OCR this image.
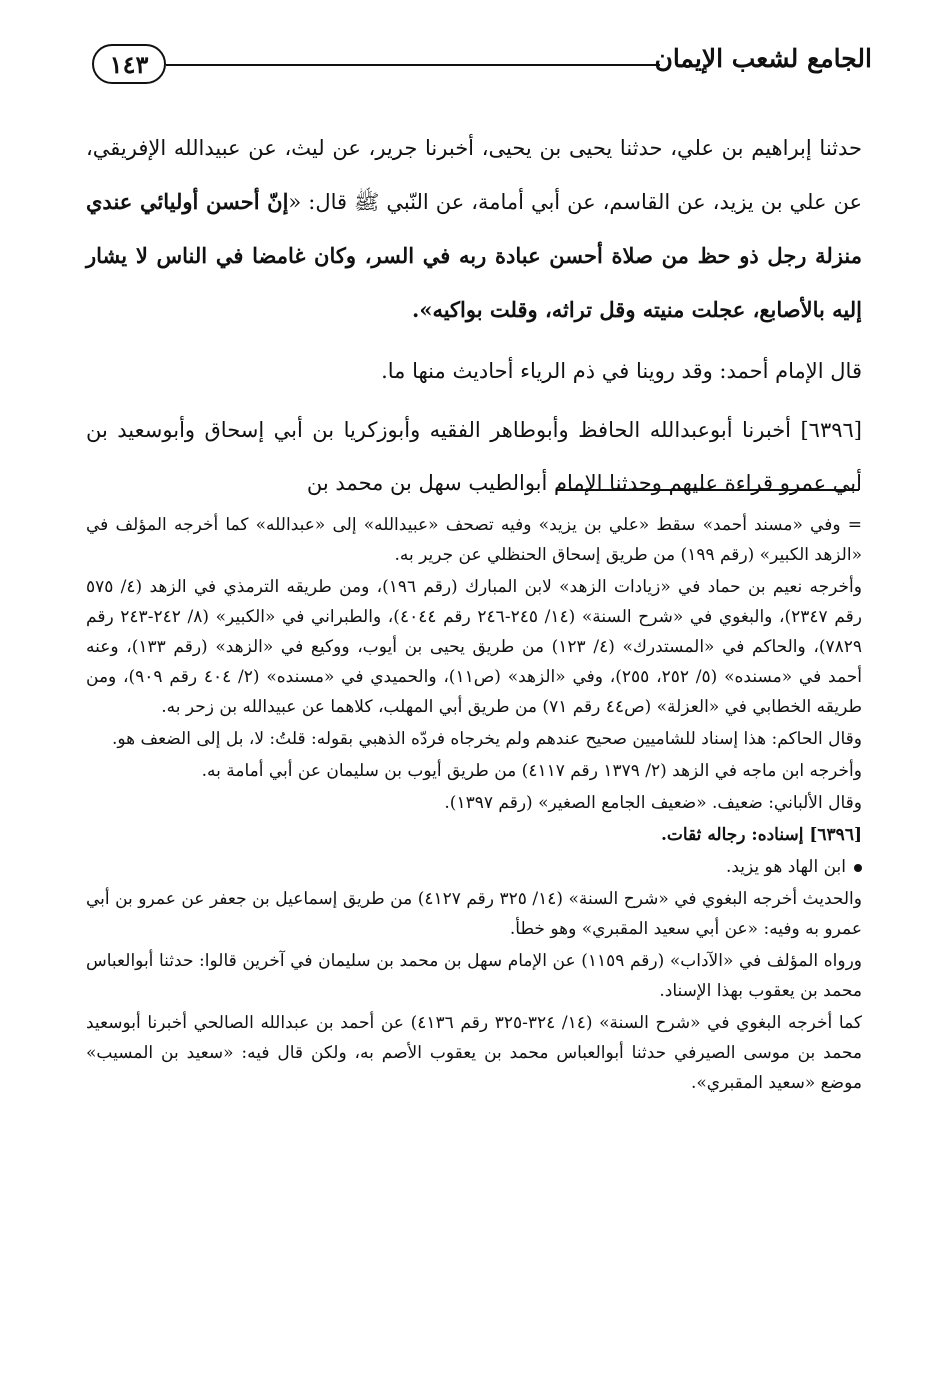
١٤٣	الجامع لشعب الإيمان

حدثنا إبراهيم بن علي، حدثنا يحيى بن يحيى، أخبرنا جرير، عن ليث، عن عبيدالله الإفريقي، عن علي بن يزيد، عن القاسم، عن أبي أمامة، عن النّبي ﷺ قال: «إنّ أحسن أوليائي عندي منزلة رجل ذو حظ من صلاة أحسن عبادة ربه في السر، وكان غامضا في الناس لا يشار إليه بالأصابع، عجلت منيته وقل تراثه، وقلت بواكيه».

قال الإمام أحمد: وقد روينا في ذم الرياء أحاديث منها ما.

[٦٣٩٦] أخبرنا أبوعبدالله الحافظ وأبوطاهر الفقيه وأبوزكريا بن أبي إسحاق وأبوسعيد بن أبي عمرو قراءة عليهم وحدثنا الإمام أبوالطيب سهل بن محمد بن

= وفي «مسند أحمد» سقط «علي بن يزيد» وفيه تصحف «عبيدالله» إلى «عبدالله» كما أخرجه المؤلف في «الزهد الكبير» (رقم ١٩٩) من طريق إسحاق الحنظلي عن جرير به.

وأخرجه نعيم بن حماد في «زيادات الزهد» لابن المبارك (رقم ١٩٦)، ومن طريقه الترمذي في الزهد (٤/ ٥٧٥ رقم ٢٣٤٧)، والبغوي في «شرح السنة» (١٤/ ٢٤٥-٢٤٦ رقم ٤٠٤٤)، والطبراني في «الكبير» (٨/ ٢٤٢-٢٤٣ رقم ٧٨٢٩)، والحاكم في «المستدرك» (٤/ ١٢٣) من طريق يحيى بن أيوب، ووكيع في «الزهد» (رقم ١٣٣)، وعنه أحمد في «مسنده» (٥/ ٢٥٢، ٢٥٥)، وفي «الزهد» (ص١١)، والحميدي في «مسنده» (٢/ ٤٠٤ رقم ٩٠٩)، ومن طريقه الخطابي في «العزلة» (ص٤٤ رقم ٧١) من طريق أبي المهلب، كلاهما عن عبيدالله بن زحر به.

وقال الحاكم: هذا إسناد للشاميين صحيح عندهم ولم يخرجاه فردّه الذهبي بقوله: قلتُ: لا، بل إلى الضعف هو.

وأخرجه ابن ماجه في الزهد (٢/ ١٣٧٩ رقم ٤١١٧) من طريق أيوب بن سليمان عن أبي أمامة به.

وقال الألباني: ضعيف. «ضعيف الجامع الصغير» (رقم ١٣٩٧).

[٦٣٩٦] إسناده: رجاله ثقات.

ابن الهاد هو يزيد.

والحديث أخرجه البغوي في «شرح السنة» (١٤/ ٣٢٥ رقم ٤١٢٧) من طريق إسماعيل بن جعفر عن عمرو بن أبي عمرو به وفيه: «عن أبي سعيد المقبري» وهو خطأ.

ورواه المؤلف في «الآداب» (رقم ١١٥٩) عن الإمام سهل بن محمد بن سليمان في آخرين قالوا: حدثنا أبوالعباس محمد بن يعقوب بهذا الإسناد.

كما أخرجه البغوي في «شرح السنة» (١٤/ ٣٢٤-٣٢٥ رقم ٤١٣٦) عن أحمد بن عبدالله الصالحي أخبرنا أبوسعيد محمد بن موسى الصيرفي حدثنا أبوالعباس محمد بن يعقوب الأصم به، ولكن قال فيه: «سعيد بن المسيب» موضع «سعيد المقبري».
